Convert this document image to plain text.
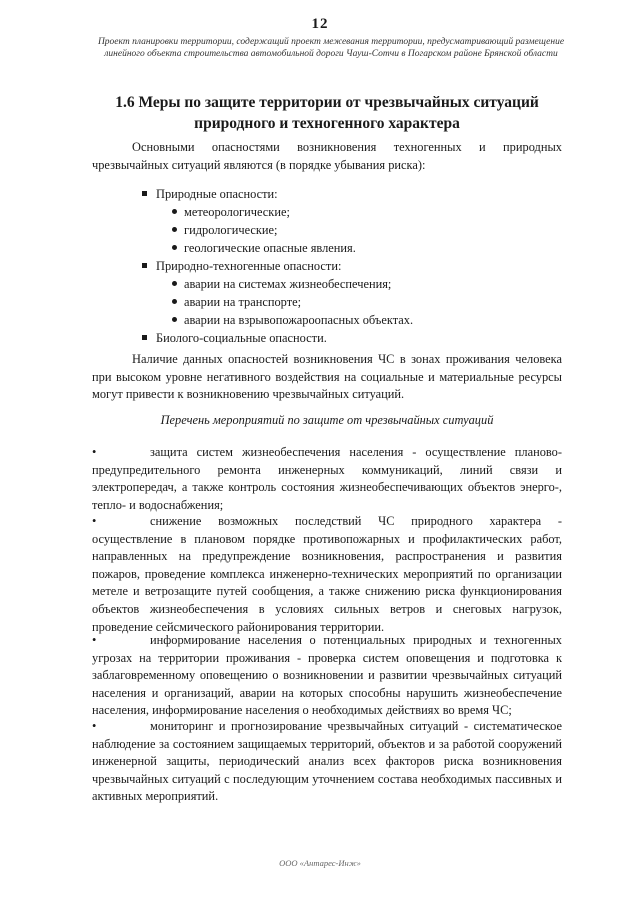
12
Проект планировки территории, содержащий проект межевания территории, предусматривающий размещение линейного объекта строительства автомобильной дороги Чауш-Сотчи в Погарском районе Брянской области
1.6 Меры по защите территории от чрезвычайных ситуаций природного и техногенного характера
Основными опасностями возникновения техногенных и природных чрезвычайных ситуаций являются (в порядке убывания риска):
Природные опасности:
метеорологические;
гидрологические;
геологические опасные явления.
Природно-техногенные опасности:
аварии на системах жизнеобеспечения;
аварии на транспорте;
аварии на взрывопожароопасных объектах.
Биолого-социальные опасности.
Наличие данных опасностей возникновения ЧС в зонах проживания человека при высоком уровне негативного воздействия на социальные и материальные ресурсы могут привести к возникновению чрезвычайных ситуаций.
Перечень мероприятий по защите от чрезвычайных ситуаций
•	защита систем жизнеобеспечения населения - осуществление планово-предупредительного ремонта инженерных коммуникаций, линий связи и электропередач, а также контроль состояния жизнеобеспечивающих объектов энерго-, тепло- и водоснабжения;
•	снижение возможных последствий ЧС природного характера - осуществление в плановом порядке противопожарных и профилактических работ, направленных на предупреждение возникновения, распространения и развития пожаров, проведение комплекса инженерно-технических мероприятий по организации метеле и ветрозащите путей сообщения, а также снижению риска функционирования объектов жизнеобеспечения в условиях сильных ветров и снеговых нагрузок, проведение сейсмического районирования территории.
•	информирование населения о потенциальных природных и техногенных угрозах на территории проживания - проверка систем оповещения и подготовка к заблаговременному оповещению о возникновении и развитии чрезвычайных ситуаций населения и организаций, аварии на которых способны нарушить жизнеобеспечение населения, информирование населения о необходимых действиях во время ЧС;
•	мониторинг и прогнозирование чрезвычайных ситуаций - систематическое наблюдение за состоянием защищаемых территорий, объектов и за работой сооружений инженерной защиты, периодический анализ всех факторов риска возникновения чрезвычайных ситуаций с последующим уточнением состава необходимых пассивных и активных мероприятий.
ООО «Антарес-Инж»
